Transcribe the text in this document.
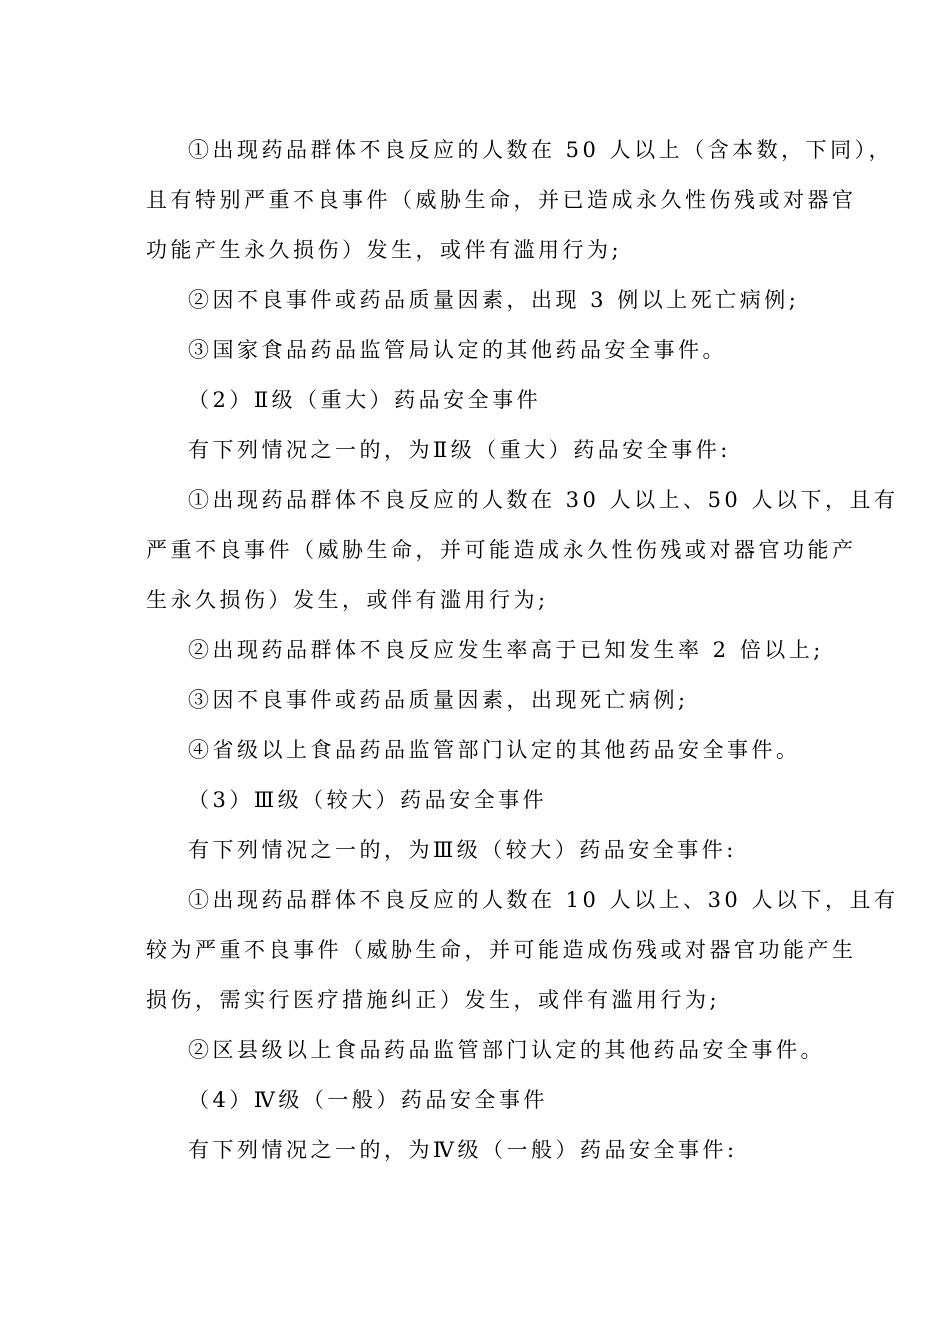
①出现药品群体不良反应的人数在 50 人以上（含本数，下同），
且有特别严重不良事件（威胁生命，并已造成永久性伤残或对器官
功能产生永久损伤）发生，或伴有滥用行为;
②因不良事件或药品质量因素，出现 3 例以上死亡病例;
③国家食品药品监管局认定的其他药品安全事件。
（2）Ⅱ级（重大）药品安全事件
有下列情况之一的，为Ⅱ级（重大）药品安全事件:
①出现药品群体不良反应的人数在 30 人以上、50 人以下，且有
严重不良事件（威胁生命，并可能造成永久性伤残或对器官功能产
生永久损伤）发生，或伴有滥用行为;
②出现药品群体不良反应发生率高于已知发生率 2 倍以上;
③因不良事件或药品质量因素，出现死亡病例;
④省级以上食品药品监管部门认定的其他药品安全事件。
（3）Ⅲ级（较大）药品安全事件
有下列情况之一的，为Ⅲ级（较大）药品安全事件:
①出现药品群体不良反应的人数在 10 人以上、30 人以下，且有
较为严重不良事件（威胁生命，并可能造成伤残或对器官功能产生
损伤，需实行医疗措施纠正）发生，或伴有滥用行为;
②区县级以上食品药品监管部门认定的其他药品安全事件。
（4）Ⅳ级（一般）药品安全事件
有下列情况之一的，为Ⅳ级（一般）药品安全事件:
